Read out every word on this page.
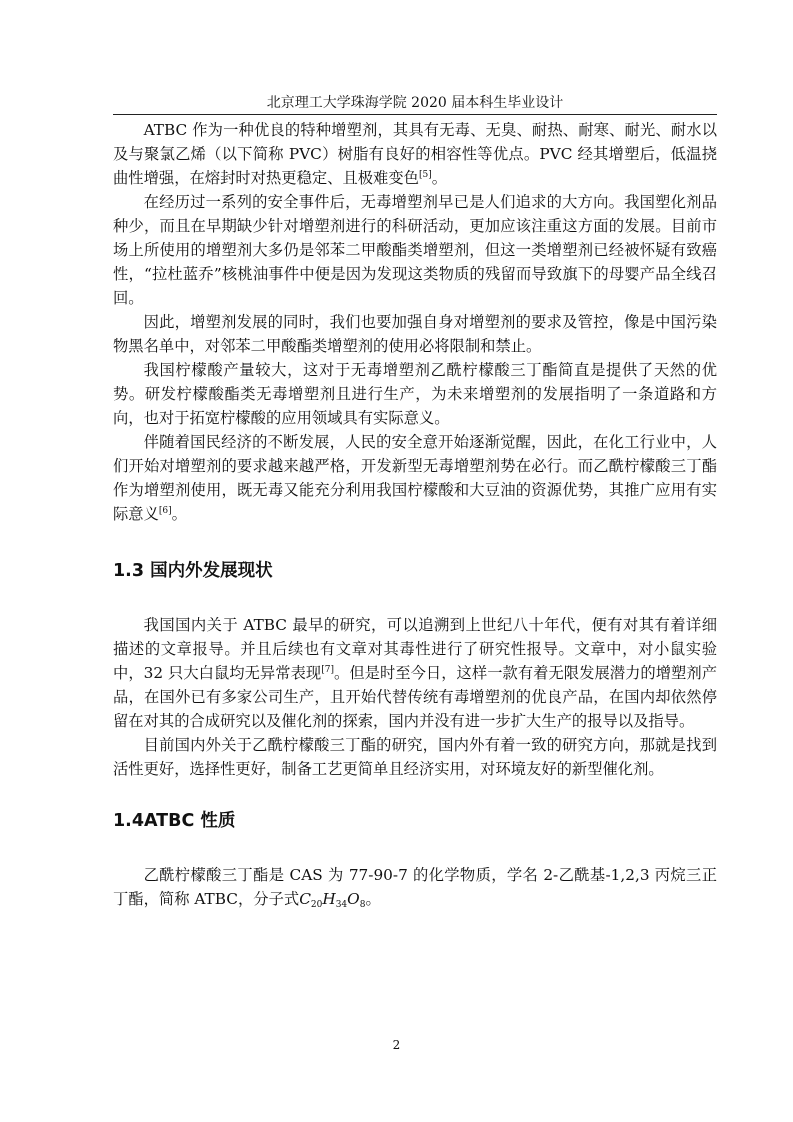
北京理工大学珠海学院 2020 届本科生毕业设计

ATBC 作为一种优良的特种增塑剂，其具有无毒、无臭、耐热、耐寒、耐光、耐水以及与聚氯乙烯（以下简称 PVC）树脂有良好的相容性等优点。PVC 经其增塑后，低温挠曲性增强，在熔封时对热更稳定、且极难变色[5]。

在经历过一系列的安全事件后，无毒增塑剂早已是人们追求的大方向。我国塑化剂品种少，而且在早期缺少针对增塑剂进行的科研活动，更加应该注重这方面的发展。目前市场上所使用的增塑剂大多仍是邻苯二甲酸酯类增塑剂，但这一类增塑剂已经被怀疑有致癌性，“拉杜蓝乔”核桃油事件中便是因为发现这类物质的残留而导致旗下的母婴产品全线召回。

因此，增塑剂发展的同时，我们也要加强自身对增塑剂的要求及管控，像是中国污染物黑名单中，对邻苯二甲酸酯类增塑剂的使用必将限制和禁止。

我国柠檬酸产量较大，这对于无毒增塑剂乙酰柠檬酸三丁酯简直是提供了天然的优势。研发柠檬酸酯类无毒增塑剂且进行生产，为未来增塑剂的发展指明了一条道路和方向，也对于拓宽柠檬酸的应用领域具有实际意义。

伴随着国民经济的不断发展，人民的安全意开始逐渐觉醒，因此，在化工行业中，人们开始对增塑剂的要求越来越严格，开发新型无毒增塑剂势在必行。而乙酰柠檬酸三丁酯作为增塑剂使用，既无毒又能充分利用我国柠檬酸和大豆油的资源优势，其推广应用有实际意义[6]。

1.3 国内外发展现状

我国国内关于 ATBC 最早的研究，可以追溯到上世纪八十年代，便有对其有着详细描述的文章报导。并且后续也有文章对其毒性进行了研究性报导。文章中，对小鼠实验中，32 只大白鼠均无异常表现[7]。但是时至今日，这样一款有着无限发展潜力的增塑剂产品，在国外已有多家公司生产，且开始代替传统有毒增塑剂的优良产品，在国内却依然停留在对其的合成研究以及催化剂的探索，国内并没有进一步扩大生产的报导以及指导。

目前国内外关于乙酰柠檬酸三丁酯的研究，国内外有着一致的研究方向，那就是找到活性更好，选择性更好，制备工艺更简单且经济实用，对环境友好的新型催化剂。

1.4ATBC 性质

乙酰柠檬酸三丁酯是 CAS 为 77-90-7 的化学物质，学名 2-乙酰基-1,2,3 丙烷三正丁酯，简称 ATBC，分子式$C_{20}H_{34}O_8$。

2
